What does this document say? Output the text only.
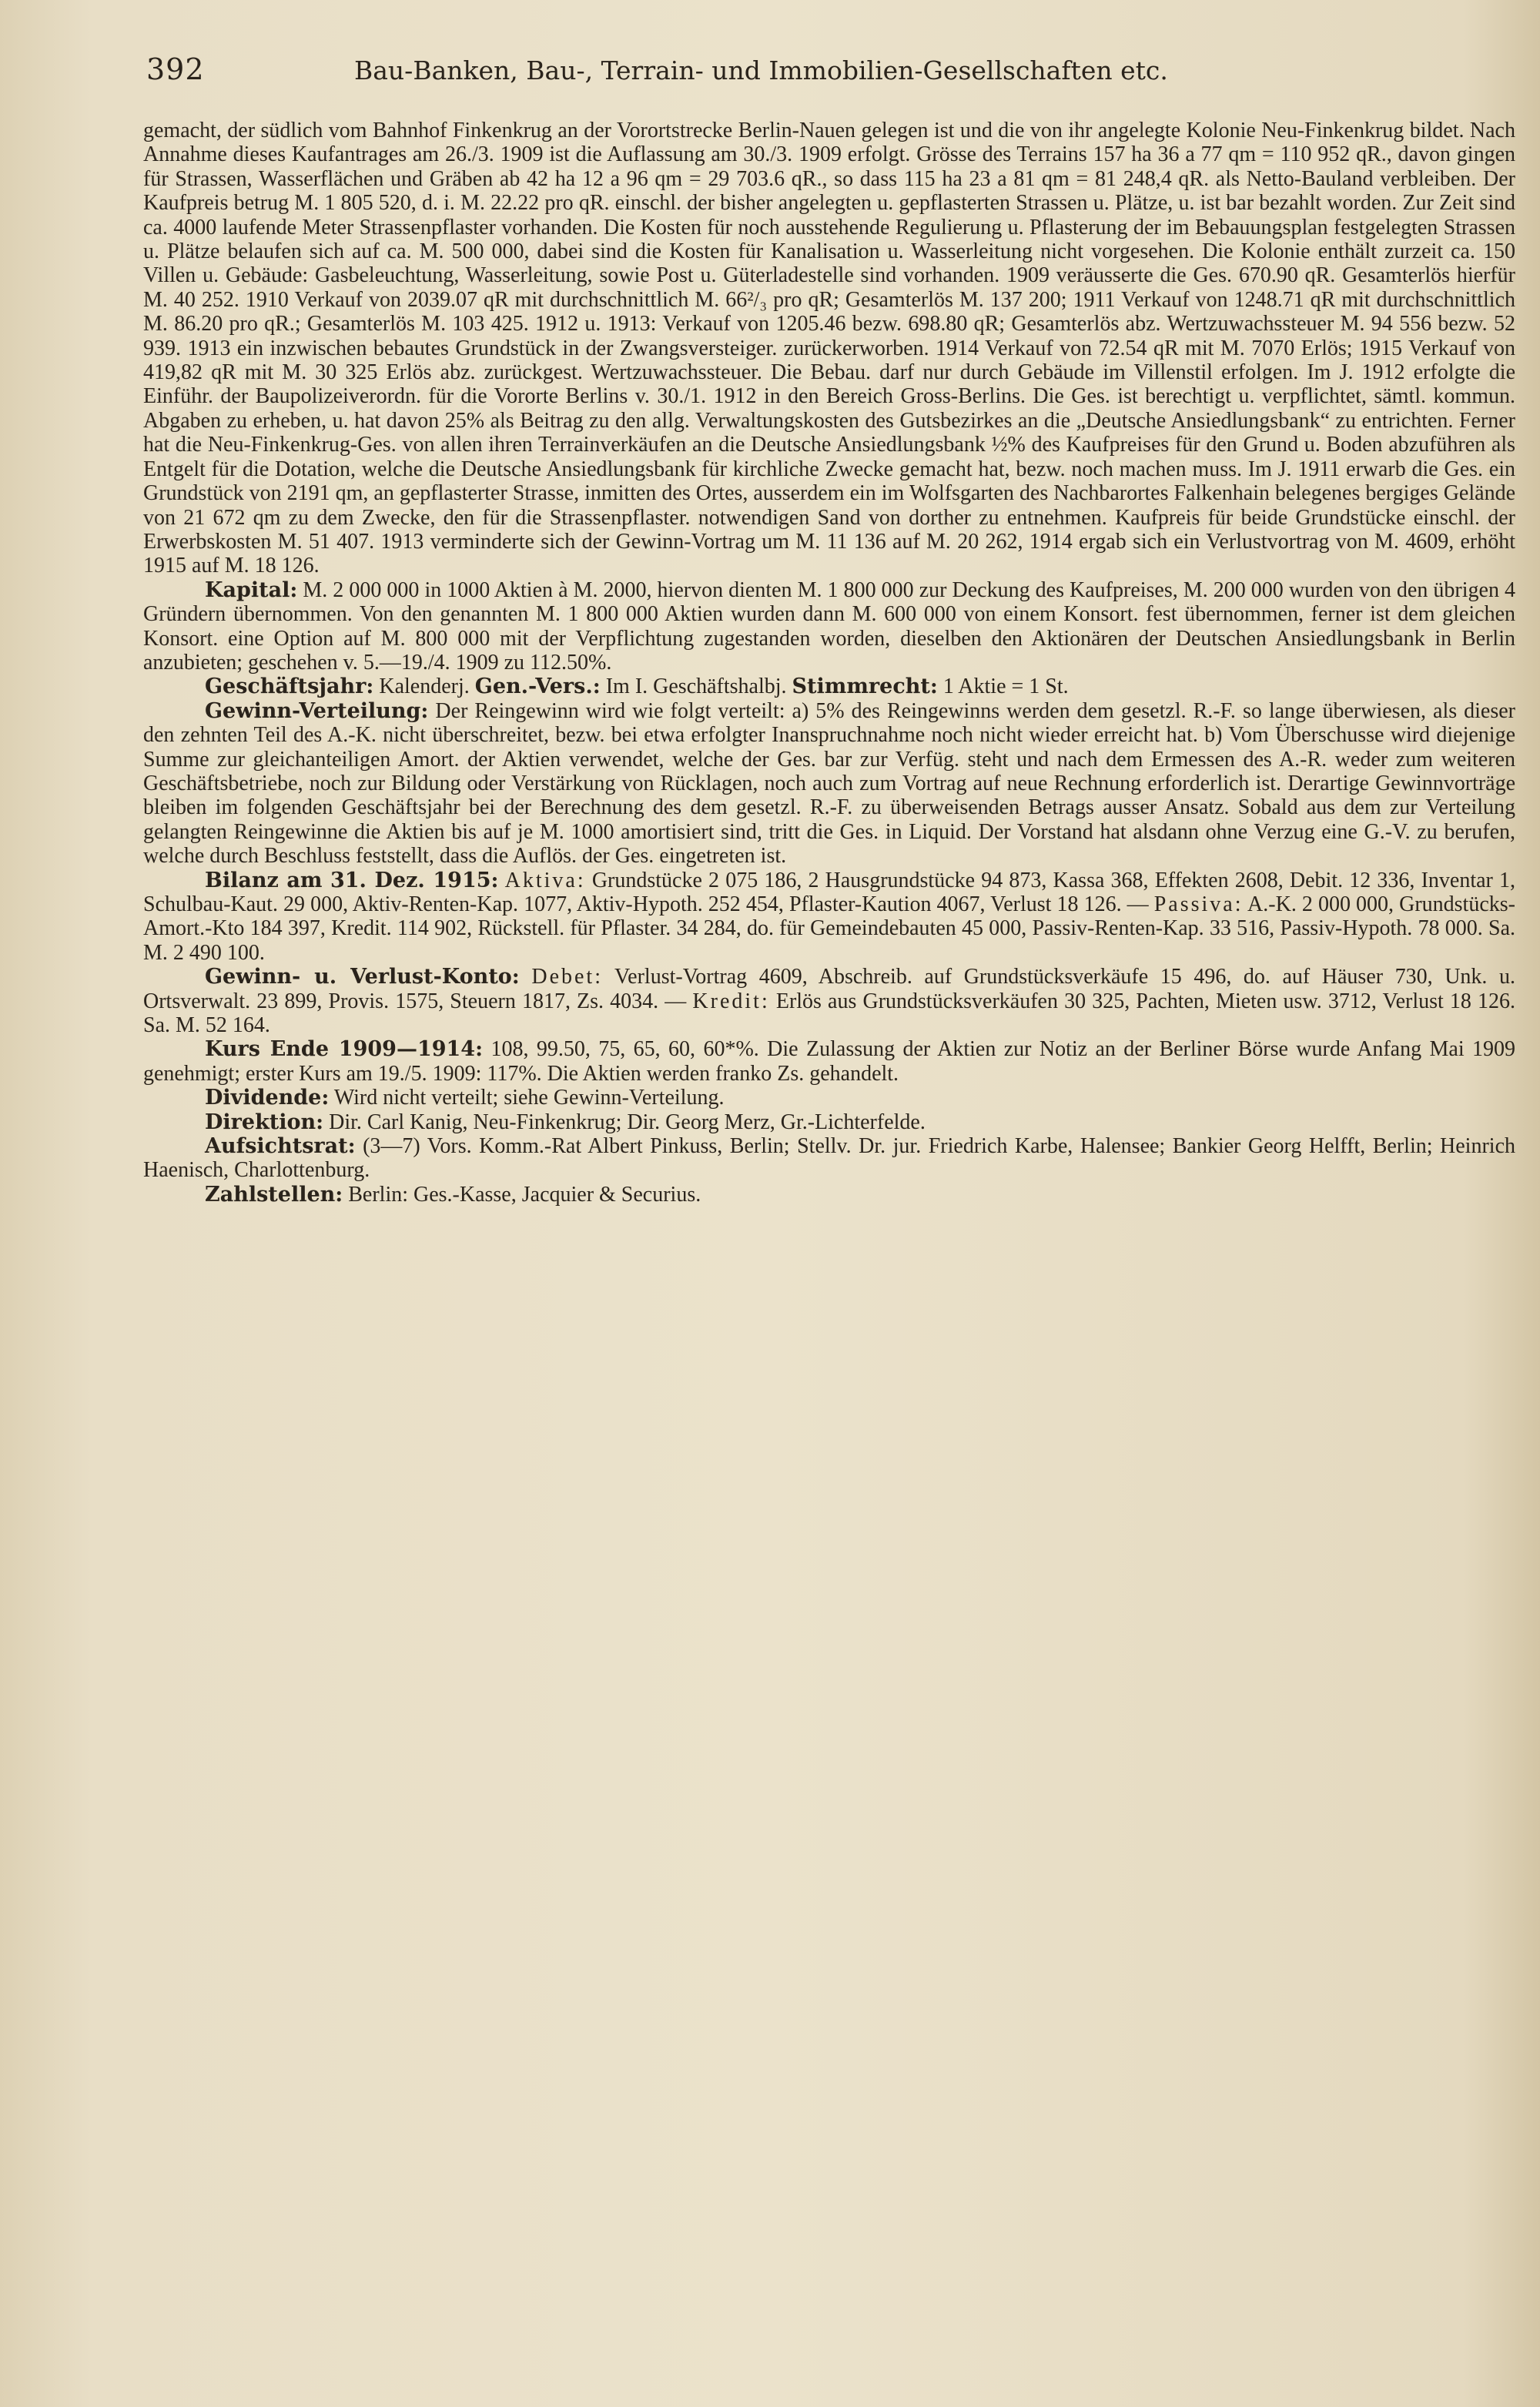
392	Bau-Banken, Bau-, Terrain- und Immobilien-Gesellschaften etc.

gemacht, der südlich vom Bahnhof Finkenkrug an der Vorortstrecke Berlin-Nauen gelegen ist und die von ihr angelegte Kolonie Neu-Finkenkrug bildet. Nach Annahme dieses Kaufantrages am 26./3. 1909 ist die Auflassung am 30./3. 1909 erfolgt. Grösse des Terrains 157 ha 36 a 77 qm = 110 952 qR., davon gingen für Strassen, Wasserflächen und Gräben ab 42 ha 12 a 96 qm = 29 703.6 qR., so dass 115 ha 23 a 81 qm = 81 248,4 qR. als Netto-Bauland verbleiben. Der Kaufpreis betrug M. 1 805 520, d. i. M. 22.22 pro qR. einschl. der bisher angelegten u. gepflasterten Strassen u. Plätze, u. ist bar bezahlt worden. Zur Zeit sind ca. 4000 laufende Meter Strassenpflaster vorhanden. Die Kosten für noch ausstehende Regulierung u. Pflasterung der im Bebauungsplan festgelegten Strassen u. Plätze belaufen sich auf ca. M. 500 000, dabei sind die Kosten für Kanalisation u. Wasserleitung nicht vorgesehen. Die Kolonie enthält zurzeit ca. 150 Villen u. Gebäude: Gasbeleuchtung, Wasserleitung, sowie Post u. Güterladestelle sind vorhanden. 1909 veräusserte die Ges. 670.90 qR. Gesamterlös hierfür M. 40 252. 1910 Verkauf von 2039.07 qR mit durchschnittlich M. 66²/₃ pro qR; Gesamterlös M. 137 200; 1911 Verkauf von 1248.71 qR mit durchschnittlich M. 86.20 pro qR.; Gesamterlös M. 103 425. 1912 u. 1913: Verkauf von 1205.46 bezw. 698.80 qR; Gesamterlös abz. Wertzuwachssteuer M. 94 556 bezw. 52 939. 1913 ein inzwischen bebautes Grundstück in der Zwangsversteiger. zurückerworben. 1914 Verkauf von 72.54 qR mit M. 7070 Erlös; 1915 Verkauf von 419,82 qR mit M. 30 325 Erlös abz. zurückgest. Wertzuwachssteuer. Die Bebau. darf nur durch Gebäude im Villenstil erfolgen. Im J. 1912 erfolgte die Einführ. der Baupolizeiverordn. für die Vororte Berlins v. 30./1. 1912 in den Bereich Gross-Berlins. Die Ges. ist berechtigt u. verpflichtet, sämtl. kommun. Abgaben zu erheben, u. hat davon 25% als Beitrag zu den allg. Verwaltungskosten des Gutsbezirkes an die „Deutsche Ansiedlungsbank“ zu entrichten. Ferner hat die Neu-Finkenkrug-Ges. von allen ihren Terrainverkäufen an die Deutsche Ansiedlungsbank ½% des Kaufpreises für den Grund u. Boden abzuführen als Entgelt für die Dotation, welche die Deutsche Ansiedlungsbank für kirchliche Zwecke gemacht hat, bezw. noch machen muss. Im J. 1911 erwarb die Ges. ein Grundstück von 2191 qm, an gepflasterter Strasse, inmitten des Ortes, ausserdem ein im Wolfsgarten des Nachbarortes Falkenhain belegenes bergiges Gelände von 21 672 qm zu dem Zwecke, den für die Strassenpflaster. notwendigen Sand von dorther zu entnehmen. Kaufpreis für beide Grundstücke einschl. der Erwerbskosten M. 51 407. 1913 verminderte sich der Gewinn-Vortrag um M. 11 136 auf M. 20 262, 1914 ergab sich ein Verlustvortrag von M. 4609, erhöht 1915 auf M. 18 126.

Kapital: M. 2 000 000 in 1000 Aktien à M. 2000, hiervon dienten M. 1 800 000 zur Deckung des Kaufpreises, M. 200 000 wurden von den übrigen 4 Gründern übernommen. Von den genannten M. 1 800 000 Aktien wurden dann M. 600 000 von einem Konsort. fest übernommen, ferner ist dem gleichen Konsort. eine Option auf M. 800 000 mit der Verpflichtung zugestanden worden, dieselben den Aktionären der Deutschen Ansiedlungsbank in Berlin anzubieten; geschehen v. 5.—19./4. 1909 zu 112.50%.

Geschäftsjahr: Kalenderj. Gen.-Vers.: Im I. Geschäftshalbj. Stimmrecht: 1 Aktie = 1 St.

Gewinn-Verteilung: Der Reingewinn wird wie folgt verteilt: a) 5% des Reingewinns werden dem gesetzl. R.-F. so lange überwiesen, als dieser den zehnten Teil des A.-K. nicht überschreitet, bezw. bei etwa erfolgter Inanspruchnahme noch nicht wieder erreicht hat. b) Vom Überschusse wird diejenige Summe zur gleichanteiligen Amort. der Aktien verwendet, welche der Ges. bar zur Verfüg. steht und nach dem Ermessen des A.-R. weder zum weiteren Geschäftsbetriebe, noch zur Bildung oder Verstärkung von Rücklagen, noch auch zum Vortrag auf neue Rechnung erforderlich ist. Derartige Gewinnvorträge bleiben im folgenden Geschäftsjahr bei der Berechnung des dem gesetzl. R.-F. zu überweisenden Betrags ausser Ansatz. Sobald aus dem zur Verteilung gelangten Reingewinne die Aktien bis auf je M. 1000 amortisiert sind, tritt die Ges. in Liquid. Der Vorstand hat alsdann ohne Verzug eine G.-V. zu berufen, welche durch Beschluss feststellt, dass die Auflös. der Ges. eingetreten ist.

Bilanz am 31. Dez. 1915: Aktiva: Grundstücke 2 075 186, 2 Hausgrundstücke 94 873, Kassa 368, Effekten 2608, Debit. 12 336, Inventar 1, Schulbau-Kaut. 29 000, Aktiv-Renten-Kap. 1077, Aktiv-Hypoth. 252 454, Pflaster-Kaution 4067, Verlust 18 126. — Passiva: A.-K. 2 000 000, Grundstücks-Amort.-Kto 184 397, Kredit. 114 902, Rückstell. für Pflaster. 34 284, do. für Gemeindebauten 45 000, Passiv-Renten-Kap. 33 516, Passiv-Hypoth. 78 000. Sa. M. 2 490 100.

Gewinn- u. Verlust-Konto: Debet: Verlust-Vortrag 4609, Abschreib. auf Grundstücksverkäufe 15 496, do. auf Häuser 730, Unk. u. Ortsverwalt. 23 899, Provis. 1575, Steuern 1817, Zs. 4034. — Kredit: Erlös aus Grundstücksverkäufen 30 325, Pachten, Mieten usw. 3712, Verlust 18 126. Sa. M. 52 164.

Kurs Ende 1909—1914: 108, 99.50, 75, 65, 60, 60*%. Die Zulassung der Aktien zur Notiz an der Berliner Börse wurde Anfang Mai 1909 genehmigt; erster Kurs am 19./5. 1909: 117%. Die Aktien werden franko Zs. gehandelt.

Dividende: Wird nicht verteilt; siehe Gewinn-Verteilung.

Direktion: Dir. Carl Kanig, Neu-Finkenkrug; Dir. Georg Merz, Gr.-Lichterfelde.

Aufsichtsrat: (3—7) Vors. Komm.-Rat Albert Pinkuss, Berlin; Stellv. Dr. jur. Friedrich Karbe, Halensee; Bankier Georg Helfft, Berlin; Heinrich Haenisch, Charlottenburg.

Zahlstellen: Berlin: Ges.-Kasse, Jacquier & Securius.
